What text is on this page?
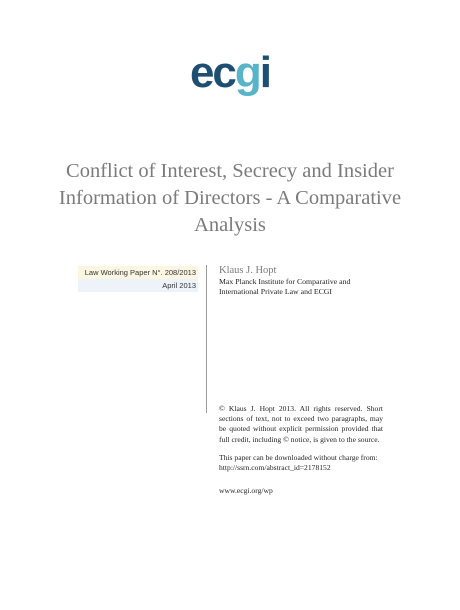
ecgi
Conflict of Interest, Secrecy and Insider Information of Directors - A Comparative Analysis
Law Working Paper N°. 208/2013
April 2013
Klaus J. Hopt
Max Planck Institute for Comparative and International Private Law and ECGI

© Klaus J. Hopt 2013. All rights reserved. Short sections of text, not to exceed two paragraphs, may be quoted without explicit permission provided that full credit, including © notice, is given to the source.

This paper can be downloaded without charge from:
http://ssrn.com/abstract_id=2178152

www.ecgi.org/wp
